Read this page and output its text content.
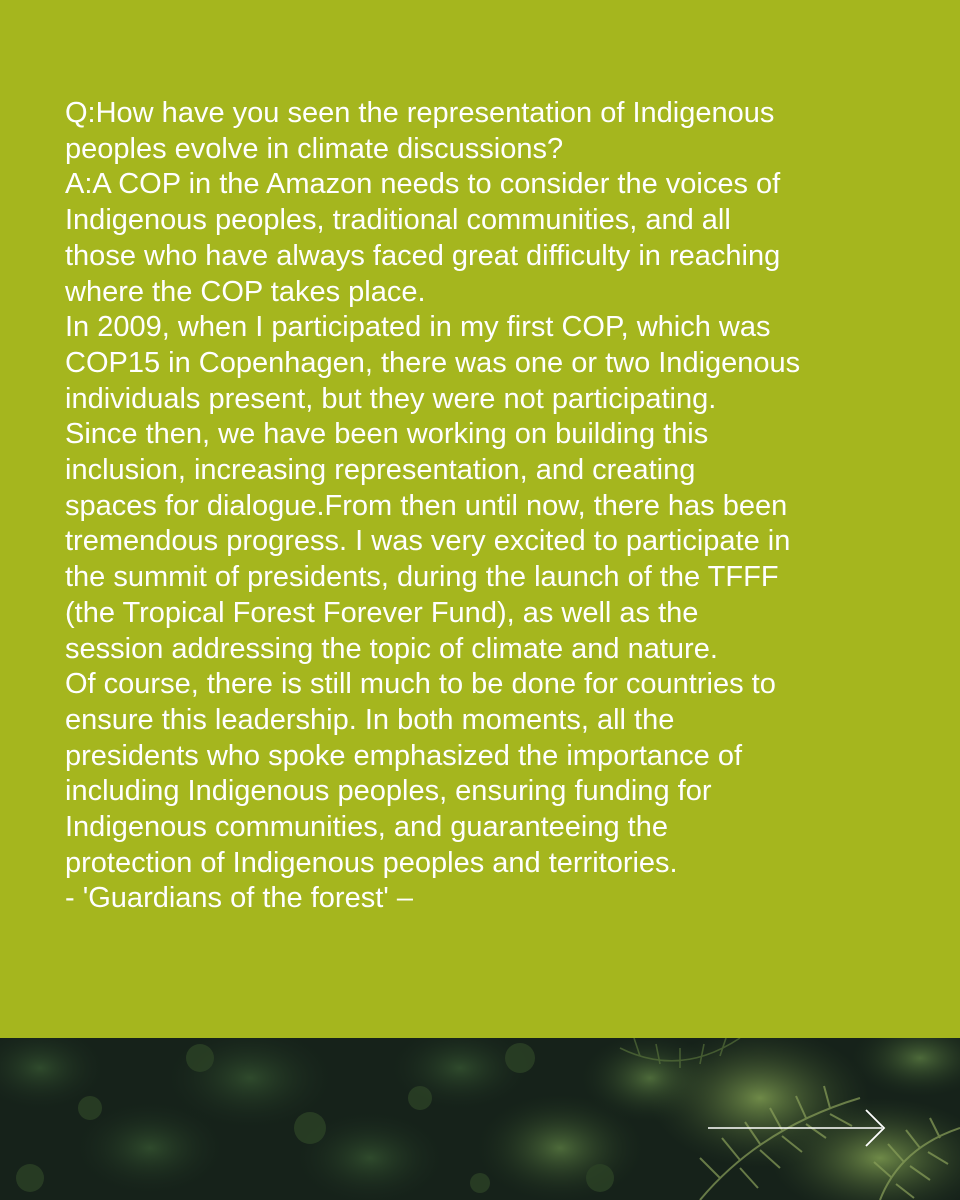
Q:How have you seen the representation of Indigenous
peoples evolve in climate discussions?
A:A COP in the Amazon needs to consider the voices of
Indigenous peoples, traditional communities, and all
those who have always faced great difficulty in reaching
where the COP takes place.
In 2009, when I participated in my first COP, which was
COP15 in Copenhagen, there was one or two Indigenous
individuals present, but they were not participating.
Since then, we have been working on building this
inclusion, increasing representation, and creating
spaces for dialogue.From then until now, there has been
tremendous progress. I was very excited to participate in
the summit of presidents, during the launch of the TFFF
(the Tropical Forest Forever Fund), as well as the
session addressing the topic of climate and nature.
Of course, there is still much to be done for countries to
ensure this leadership. In both moments, all the
presidents who spoke emphasized the importance of
including Indigenous peoples, ensuring funding for
Indigenous communities, and guaranteeing the
protection of Indigenous peoples and territories.
- 'Guardians of the forest' –
